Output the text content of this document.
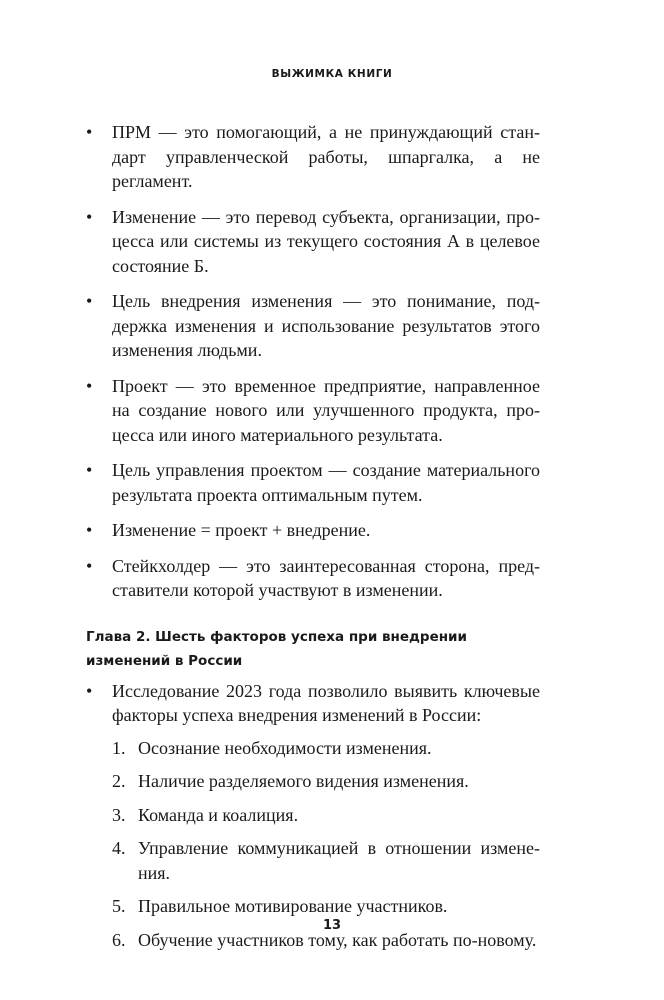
ВЫЖИМКА КНИГИ
• ПРМ — это помогающий, а не принуждающий стандарт управленческой работы, шпаргалка, а не регламент.
• Изменение — это перевод субъекта, организации, процесса или системы из текущего состояния А в целевое состояние Б.
• Цель внедрения изменения — это понимание, поддержка изменения и использование результатов этого изменения людьми.
• Проект — это временное предприятие, направленное на создание нового или улучшенного продукта, процесса или иного материального результата.
• Цель управления проектом — создание материального результата проекта оптимальным путем.
• Изменение = проект + внедрение.
• Стейкхолдер — это заинтересованная сторона, представители которой участвуют в изменении.
Глава 2. Шесть факторов успеха при внедрении изменений в России
• Исследование 2023 года позволило выявить ключевые факторы успеха внедрения изменений в России:
1. Осознание необходимости изменения.
2. Наличие разделяемого видения изменения.
3. Команда и коалиция.
4. Управление коммуникацией в отношении изменения.
5. Правильное мотивирование участников.
6. Обучение участников тому, как работать по-новому.
13
